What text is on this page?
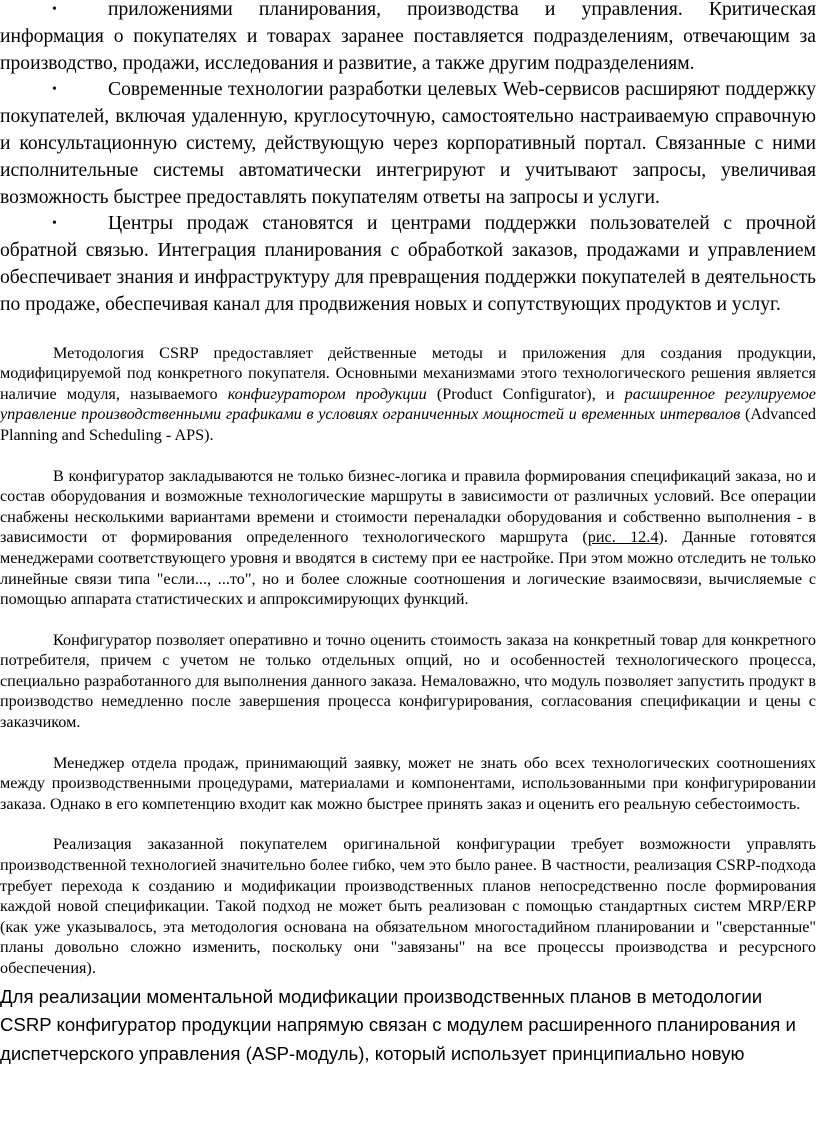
•	приложениями планирования, производства и управления. Критическая информация о покупателях и товарах заранее поставляется подразделениям, отвечающим за производство, продажи, исследования и развитие, а также другим подразделениям.

•	Современные технологии разработки целевых Web-сервисов расширяют поддержку покупателей, включая удаленную, круглосуточную, самостоятельно настраиваемую справочную и консультационную систему, действующую через корпоративный портал. Связанные с ними исполнительные системы автоматически интегрируют и учитывают запросы, увеличивая возможность быстрее предоставлять покупателям ответы на запросы и услуги.

•	Центры продаж становятся и центрами поддержки пользователей с прочной обратной связью. Интеграция планирования с обработкой заказов, продажами и управлением обеспечивает знания и инфраструктуру для превращения поддержки покупателей в деятельность по продаже, обеспечивая канал для продвижения новых и сопутствующих продуктов и услуг.

Методология CSRP предоставляет действенные методы и приложения для создания продукции, модифицируемой под конкретного покупателя. Основными механизмами этого технологического решения является наличие модуля, называемого конфигуратором продукции (Product Configurator), и расширенное регулируемое управление производственными графиками в условиях ограниченных мощностей и временных интервалов (Advanced Planning and Scheduling - APS).

В конфигуратор закладываются не только бизнес-логика и правила формирования спецификаций заказа, но и состав оборудования и возможные технологические маршруты в зависимости от различных условий. Все операции снабжены несколькими вариантами времени и стоимости переналадки оборудования и собственно выполнения - в зависимости от формирования определенного технологического маршрута (рис. 12.4). Данные готовятся менеджерами соответствующего уровня и вводятся в систему при ее настройке. При этом можно отследить не только линейные связи типа "если..., ...то", но и более сложные соотношения и логические взаимосвязи, вычисляемые с помощью аппарата статистических и аппроксимирующих функций.

Конфигуратор позволяет оперативно и точно оценить стоимость заказа на конкретный товар для конкретного потребителя, причем с учетом не только отдельных опций, но и особенностей технологического процесса, специально разработанного для выполнения данного заказа. Немаловажно, что модуль позволяет запустить продукт в производство немедленно после завершения процесса конфигурирования, согласования спецификации и цены с заказчиком.

Менеджер отдела продаж, принимающий заявку, может не знать обо всех технологических соотношениях между производственными процедурами, материалами и компонентами, использованными при конфигурировании заказа. Однако в его компетенцию входит как можно быстрее принять заказ и оценить его реальную себестоимость.

Реализация заказанной покупателем оригинальной конфигурации требует возможности управлять производственной технологией значительно более гибко, чем это было ранее. В частности, реализация CSRP-подхода требует перехода к созданию и модификации производственных планов непосредственно после формирования каждой новой спецификации. Такой подход не может быть реализован с помощью стандартных систем MRP/ERP (как уже указывалось, эта методология основана на обязательном многостадийном планировании и "сверстанные" планы довольно сложно изменить, поскольку они "завязаны" на все процессы производства и ресурсного обеспечения).

Для реализации моментальной модификации производственных планов в методологии CSRP конфигуратор продукции напрямую связан с модулем расширенного планирования и диспетчерского управления (ASP-модуль), который использует принципиально новую
